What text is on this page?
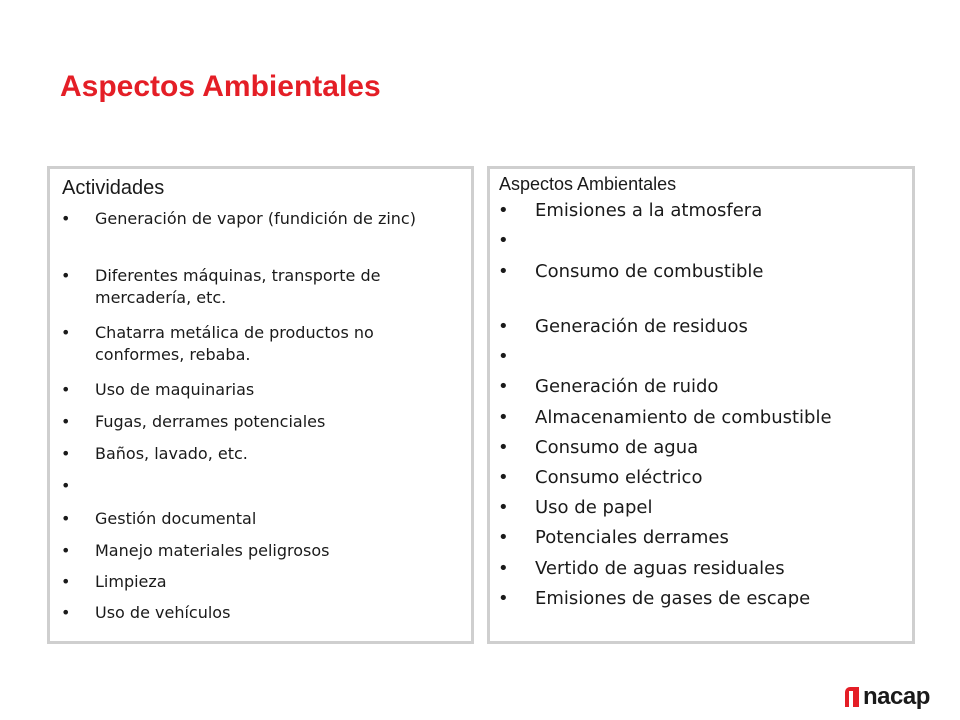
Aspectos Ambientales
Actividades
• Generación de vapor (fundición de zinc)
• Diferentes máquinas, transporte de mercadería, etc.
• Chatarra metálica de productos no conformes, rebaba.
• Uso de maquinarias
• Fugas, derrames potenciales
• Baños, lavado, etc.
•
• Gestión documental
• Manejo materiales peligrosos
• Limpieza
• Uso de vehículos
Aspectos Ambientales
• Emisiones a la atmosfera
•
• Consumo de combustible
• Generación de residuos
•
• Generación de ruido
• Almacenamiento de combustible
• Consumo de agua
• Consumo eléctrico
• Uso de papel
• Potenciales derrames
• Vertido de aguas residuales
• Emisiones de gases de escape
nacap
